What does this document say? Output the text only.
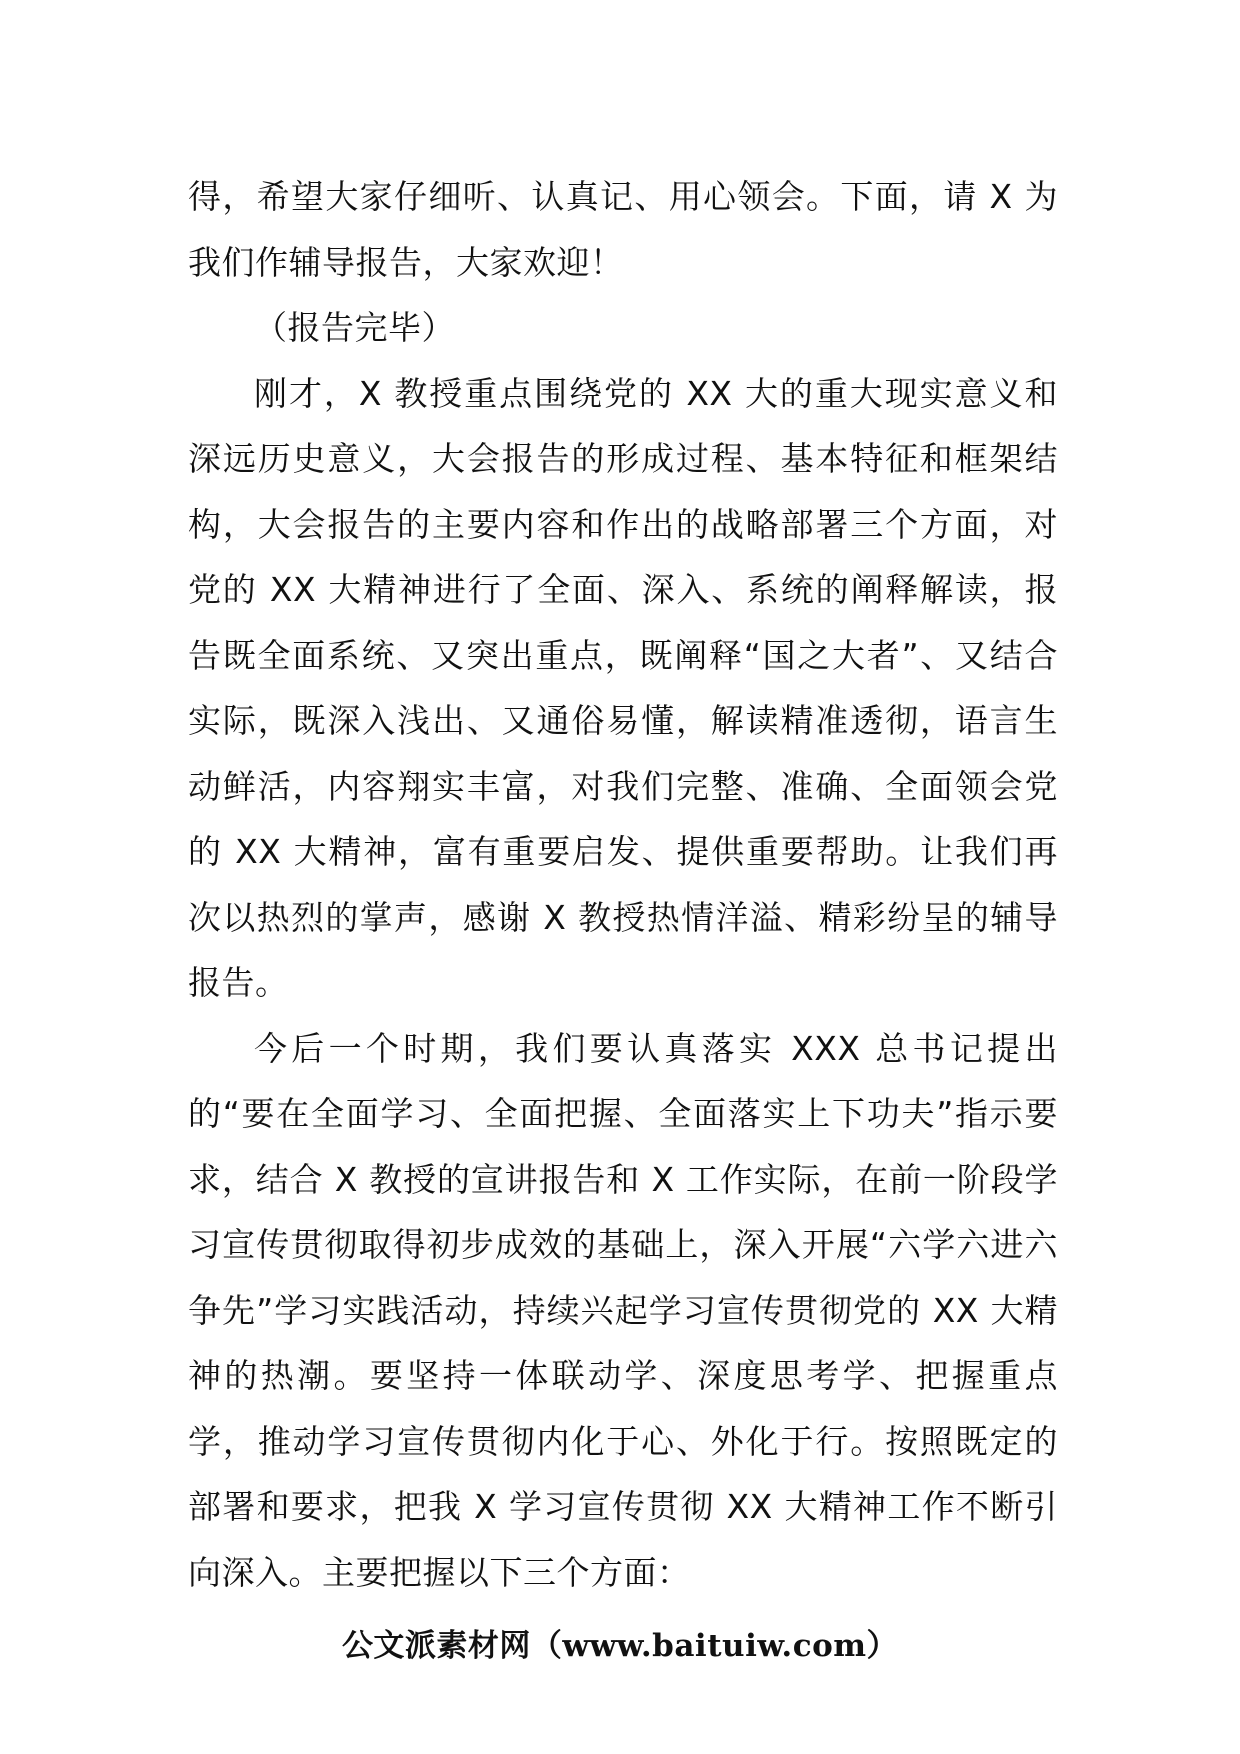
得，希望大家仔细听、认真记、用心领会。下面，请 X 为我们作辅导报告，大家欢迎！

（报告完毕）

刚才，X 教授重点围绕党的 XX 大的重大现实意义和深远历史意义，大会报告的形成过程、基本特征和框架结构，大会报告的主要内容和作出的战略部署三个方面，对党的 XX 大精神进行了全面、深入、系统的阐释解读，报告既全面系统、又突出重点，既阐释“国之大者”、又结合实际，既深入浅出、又通俗易懂，解读精准透彻，语言生动鲜活，内容翔实丰富，对我们完整、准确、全面领会党的 XX 大精神，富有重要启发、提供重要帮助。让我们再次以热烈的掌声，感谢 X 教授热情洋溢、精彩纷呈的辅导报告。

今后一个时期，我们要认真落实 XXX 总书记提出的“要在全面学习、全面把握、全面落实上下功夫”指示要求，结合 X 教授的宣讲报告和 X 工作实际，在前一阶段学习宣传贯彻取得初步成效的基础上，深入开展“六学六进六争先”学习实践活动，持续兴起学习宣传贯彻党的 XX 大精神的热潮。要坚持一体联动学、深度思考学、把握重点学，推动学习宣传贯彻内化于心、外化于行。按照既定的部署和要求，把我 X 学习宣传贯彻 XX 大精神工作不断引向深入。主要把握以下三个方面：

公文派素材网（www.baituiw.com）
